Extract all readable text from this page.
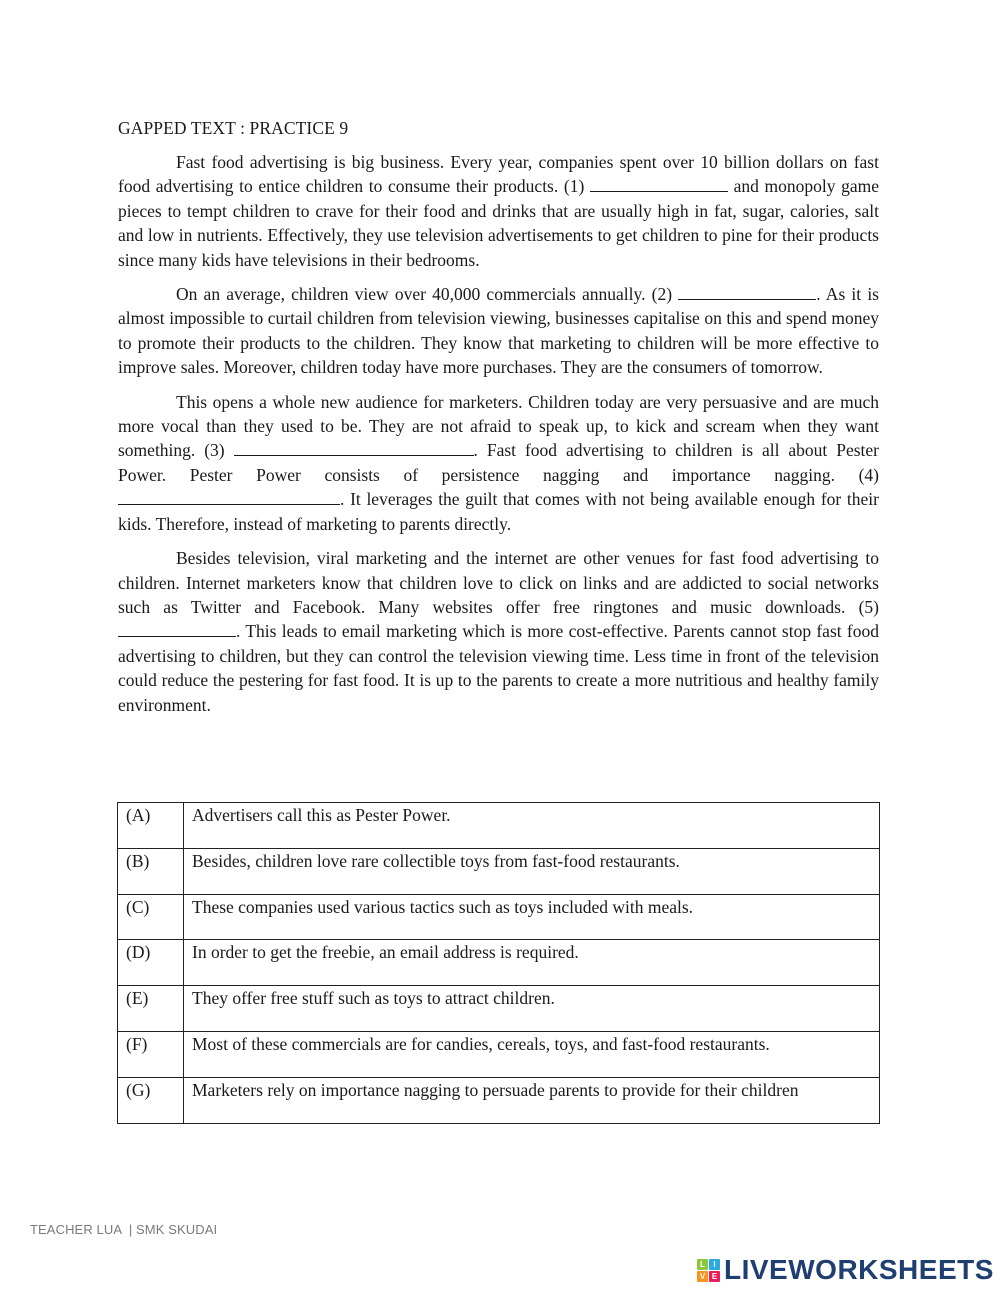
GAPPED TEXT : PRACTICE 9

Fast food advertising is big business. Every year, companies spent over 10 billion dollars on fast food advertising to entice children to consume their products. (1)	and monopoly game pieces to tempt children to crave for their food and drinks that are usually high in fat, sugar, calories, salt and low in nutrients. Effectively, they use television advertisements to get children to pine for their products since many kids have televisions in their bedrooms.

On an average, children view over 40,000 commercials annually. (2)	. As it is almost impossible to curtail children from television viewing, businesses capitalise on this and spend money to promote their products to the children. They know that marketing to children will be more effective to improve sales. Moreover, children today have more purchases. They are the consumers of tomorrow.

This opens a whole new audience for marketers. Children today are very persuasive and are much more vocal than they used to be. They are not afraid to speak up, to kick and scream when they want something. (3)	. Fast food advertising to children is all about Pester Power. Pester Power consists of persistence nagging and importance nagging. (4) . It leverages the guilt that comes with not being available enough for their kids. Therefore, instead of marketing to parents directly.

Besides television, viral marketing and the internet are other venues for fast food advertising to children. Internet marketers know that children love to click on links and are addicted to social networks such as Twitter and Facebook. Many websites offer free ringtones and music downloads. (5). This leads to email marketing which is more cost-effective. Parents cannot stop fast food advertising to children, but they can control the television viewing time. Less time in front of the television could reduce the pestering for fast food. It is up to the parents to create a more nutritious and healthy family environment.

(A)	Advertisers call this as Pester Power.
(B)	Besides, children love rare collectible toys from fast-food restaurants.
(C)	These companies used various tactics such as toys included with meals.
(D)	In order to get the freebie, an email address is required.
(E)	They offer free stuff such as toys to attract children.
(F)	Most of these commercials are for candies, cereals, toys, and fast-food restaurants.
(G)	Marketers rely on importance nagging to persuade parents to provide for their children
TEACHER LUA  | SMK SKUDAI
L	I
V E LIVEWORKSHEETS
